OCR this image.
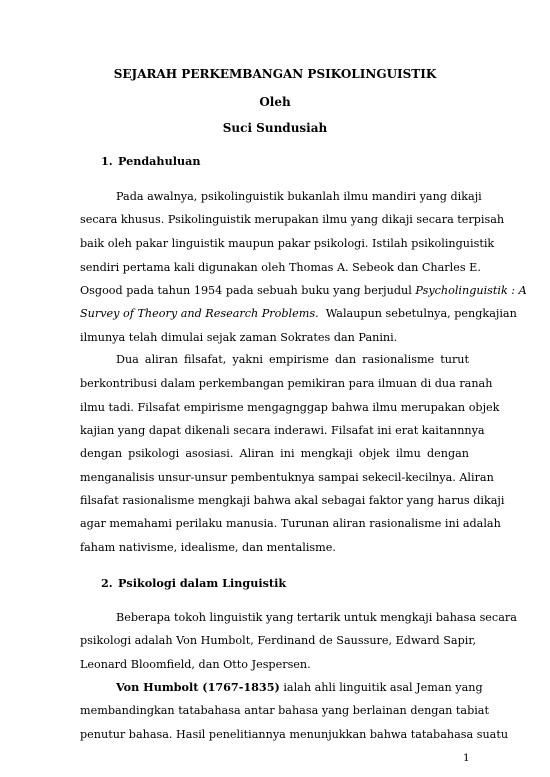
SEJARAH PERKEMBANGAN PSIKOLINGUISTIK
Oleh
Suci Sundusiah
1. Pendahuluan
Pada awalnya, psikolinguistik bukanlah ilmu mandiri yang dikaji
secara khusus. Psikolinguistik merupakan ilmu yang dikaji secara terpisah
baik oleh pakar linguistik maupun pakar psikologi. Istilah psikolinguistik
sendiri pertama kali digunakan oleh Thomas A. Sebeok dan Charles E.
Osgood pada tahun 1954 pada sebuah buku yang berjudul Psycholinguistik : A
Survey of Theory and Research Problems. Walaupun sebetulnya, pengkajian
ilmunya telah dimulai sejak zaman Sokrates dan Panini.
Dua aliran filsafat, yakni empirisme dan rasionalisme turut
berkontribusi dalam perkembangan pemikiran para ilmuan di dua ranah
ilmu tadi. Filsafat empirisme mengagnggap bahwa ilmu merupakan objek
kajian yang dapat dikenali secara inderawi. Filsafat ini erat kaitannnya
dengan psikologi asosiasi. Aliran ini mengkaji objek ilmu dengan
menganalisis unsur-unsur pembentuknya sampai sekecil-kecilnya. Aliran
filsafat rasionalisme mengkaji bahwa akal sebagai faktor yang harus dikaji
agar memahami perilaku manusia. Turunan aliran rasionalisme ini adalah
faham nativisme, idealisme, dan mentalisme.
2. Psikologi dalam Linguistik
Beberapa tokoh linguistik yang tertarik untuk mengkaji bahasa secara
psikologi adalah Von Humbolt, Ferdinand de Saussure, Edward Sapir,
Leonard Bloomfield, dan Otto Jespersen.
Von Humbolt (1767-1835) ialah ahli linguitik asal Jeman yang
membandingkan tatabahasa antar bahasa yang berlainan dengan tabiat
penutur bahasa. Hasil penelitiannya menunjukkan bahwa tatabahasa suatu
1
